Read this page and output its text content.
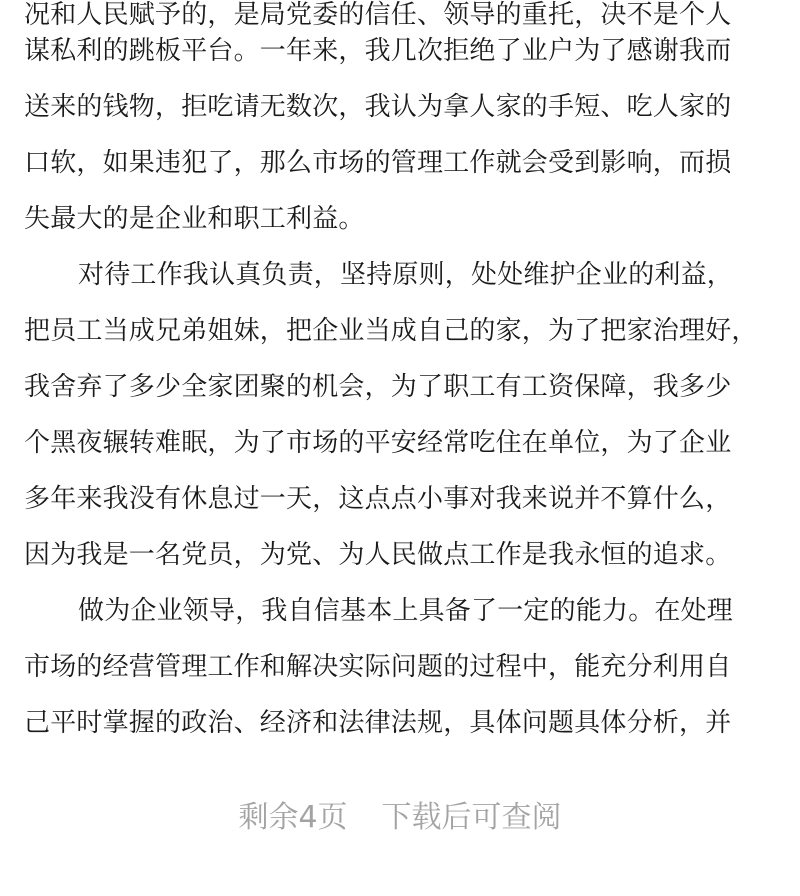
况和人民赋予的，是局党委的信任、领导的重托，决不是个人
谋私利的跳板平台。一年来，我几次拒绝了业户为了感谢我而
送来的钱物，拒吃请无数次，我认为拿人家的手短、吃人家的
口软，如果违犯了，那么市场的管理工作就会受到影响，而损
失最大的是企业和职工利益。
对待工作我认真负责，坚持原则，处处维护企业的利益，
把员工当成兄弟姐妹，把企业当成自己的家，为了把家治理好，
我舍弃了多少全家团聚的机会，为了职工有工资保障，我多少
个黑夜辗转难眠，为了市场的平安经常吃住在单位，为了企业
多年来我没有休息过一天，这点点小事对我来说并不算什么，
因为我是一名党员，为党、为人民做点工作是我永恒的追求。
做为企业领导，我自信基本上具备了一定的能力。在处理
市场的经营管理工作和解决实际问题的过程中，能充分利用自
己平时掌握的政治、经济和法律法规，具体问题具体分析，并
剩余4页 下载后可查阅
